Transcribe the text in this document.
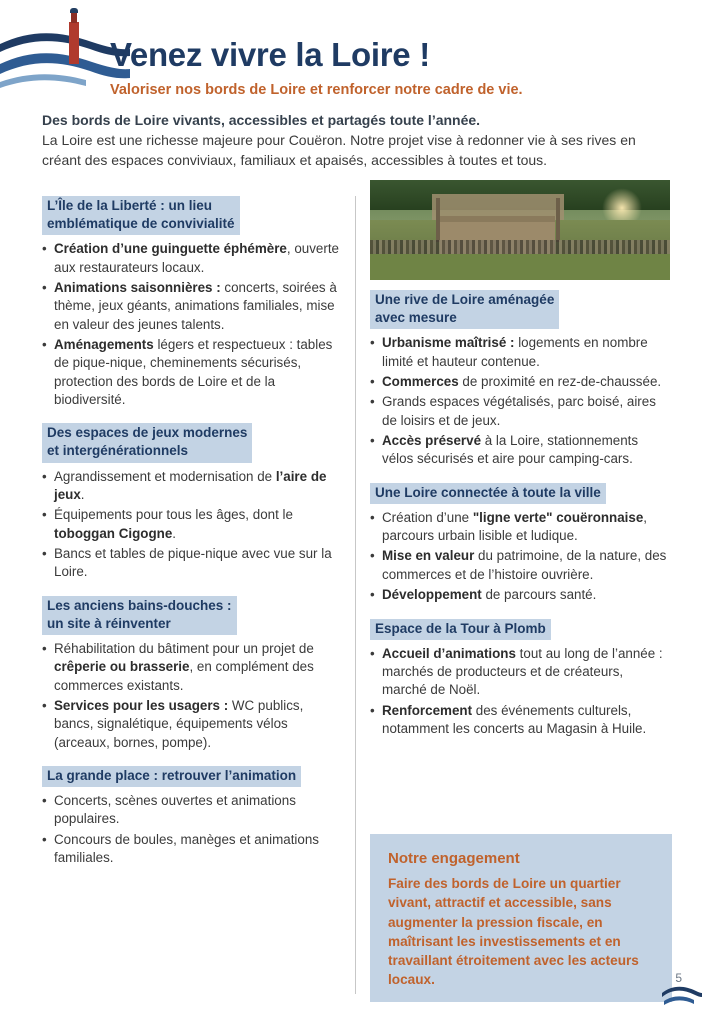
Venez vivre la Loire !
Valoriser nos bords de Loire et renforcer notre cadre de vie.
Des bords de Loire vivants, accessibles et partagés toute l’année.
La Loire est une richesse majeure pour Couëron. Notre projet vise à redonner vie à ses rives en créant des espaces conviviaux, familiaux et apaisés, accessibles à toutes et tous.
L’Île de la Liberté : un lieu
emblématique de convivialité
• Création d’une guinguette éphémère, ouverte aux restaurateurs locaux.
• Animations saisonnières : concerts, soirées à thème, jeux géants, animations familiales, mise en valeur des jeunes talents.
• Aménagements légers et respectueux : tables de pique-nique, cheminements sécurisés, protection des bords de Loire et de la biodiversité.
Des espaces de jeux modernes
et intergénérationnels
• Agrandissement et modernisation de l’aire de jeux.
• Équipements pour tous les âges, dont le toboggan Cigogne.
• Bancs et tables de pique-nique avec vue sur la Loire.
Les anciens bains-douches :
un site à réinventer
• Réhabilitation du bâtiment pour un projet de crêperie ou brasserie, en complément des commerces existants.
• Services pour les usagers : WC publics, bancs, signalétique, équipements vélos (arceaux, bornes, pompe).
La grande place : retrouver l’animation
• Concerts, scènes ouvertes et animations populaires.
• Concours de boules, manèges et animations familiales.
Une rive de Loire aménagée
avec mesure
• Urbanisme maîtrisé : logements en nombre limité et hauteur contenue.
• Commerces de proximité en rez-de-chaussée.
• Grands espaces végétalisés, parc boisé, aires de loisirs et de jeux.
• Accès préservé à la Loire, stationnements vélos sécurisés et aire pour camping-cars.
Une Loire connectée à toute la ville
• Création d’une "ligne verte" couëronnaise, parcours urbain lisible et ludique.
• Mise en valeur du patrimoine, de la nature, des commerces et de l’histoire ouvrière.
• Développement de parcours santé.
Espace de la Tour à Plomb
• Accueil d’animations tout au long de l’année : marchés de producteurs et de créateurs, marché de Noël.
• Renforcement des événements culturels, notamment les concerts au Magasin à Huile.
Notre engagement

Faire des bords de Loire un quartier vivant, attractif et accessible, sans augmenter la pression fiscale, en maîtrisant les investissements et en travaillant étroitement avec les acteurs locaux.	5
